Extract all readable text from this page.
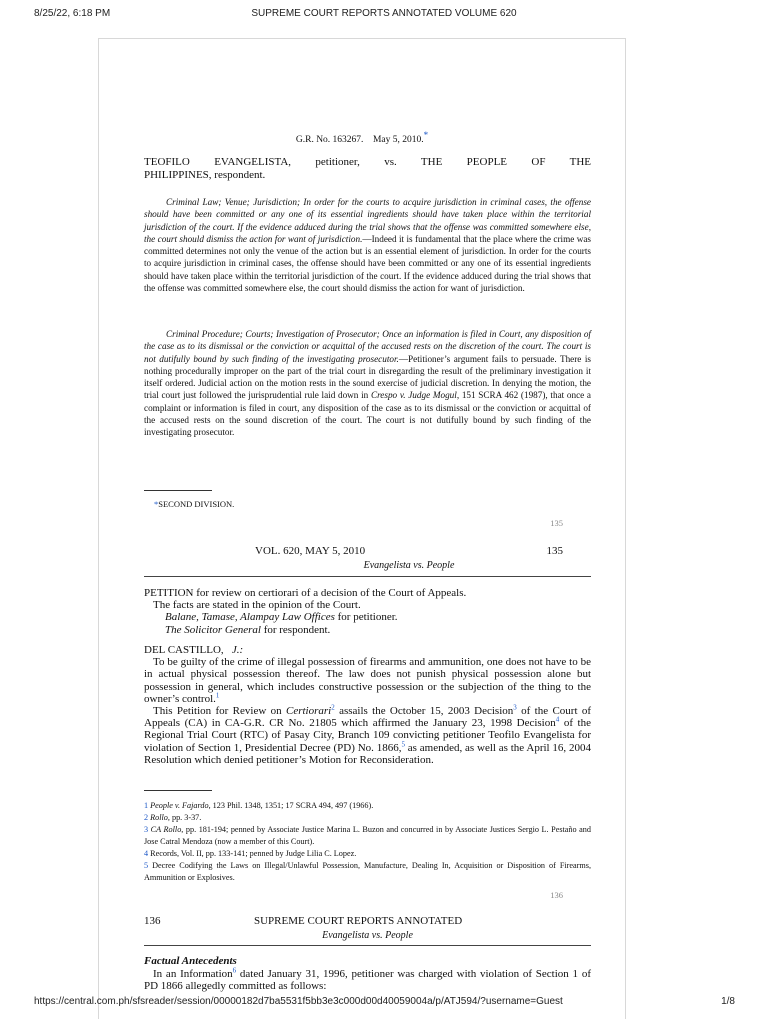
8/25/22, 6:18 PM	SUPREME COURT REPORTS ANNOTATED VOLUME 620
G.R. No. 163267. May 5, 2010.*
TEOFILO EVANGELISTA, petitioner, vs. THE PEOPLE OF THE
PHILIPPINES, respondent.

Criminal Law; Venue; Jurisdiction; In order for the courts to acquire jurisdiction in criminal cases, the offense should have been committed or any one of its essential ingredients should have taken place within the territorial jurisdiction of the court. If the evidence adduced during the trial shows that the offense was committed somewhere else, the court should dismiss the action for want of jurisdiction.—Indeed it is fundamental that the place where the crime was committed determines not only the venue of the action but is an essential element of jurisdiction. In order for the courts to acquire jurisdiction in criminal cases, the offense should have been committed or any one of its essential ingredients should have taken place within the territorial jurisdiction of the court. If the evidence adduced during the trial shows that the offense was committed somewhere else, the court should dismiss the action for want of jurisdiction.

Criminal Procedure; Courts; Investigation of Prosecutor; Once an information is filed in Court, any disposition of the case as to its dismissal or the conviction or acquittal of the accused rests on the discretion of the court. The court is not dutifully bound by such finding of the investigating prosecutor.—Petitioner’s argument fails to persuade. There is nothing procedurally improper on the part of the trial court in disregarding the result of the preliminary investigation it itself ordered. Judicial action on the motion rests in the sound exercise of judicial discretion. In denying the motion, the trial court just followed the jurisprudential rule laid down in Crespo v. Judge Mogul, 151 SCRA 462 (1987), that once a complaint or information is filed in court, any disposition of the case as to its dismissal or the conviction or acquittal of the accused rests on the sound discretion of the court. The court is not dutifully bound by such finding of the investigating prosecutor.

*SECOND DIVISION.
135
VOL. 620, MAY 5, 2010	135
Evangelista vs. People

PETITION for review on certiorari of a decision of the Court of Appeals.

The facts are stated in the opinion of the Court.

Balane, Tamase, Alampay Law Offices for petitioner.

The Solicitor General for respondent.

DEL CASTILLO, J.:

To be guilty of the crime of illegal possession of firearms and ammunition, one does not have to be in actual physical possession thereof. The law does not punish physical possession alone but possession in general, which includes constructive possession or the subjection of the thing to the owner’s control.$^1$

This Petition for Review on Certiorari$^2$ assails the October 15, 2003 Decision$^3$ of the Court of Appeals (CA) in CA-G.R. CR No. 21805 which affirmed the January 23, 1998 Decision$^4$ of the Regional Trial Court (RTC) of Pasay City, Branch 109 convicting petitioner Teofilo Evangelista for violation of Section 1, Presidential Decree (PD) No. 1866,$^5$ as amended, as well as the April 16, 2004 Resolution which denied petitioner’s Motion for Reconsideration.

1 People v. Fajardo, 123 Phil. 1348, 1351; 17 SCRA 494, 497 (1966).

2 Rollo, pp. 3-37.

3 CA Rollo, pp. 181-194; penned by Associate Justice Marina L. Buzon and concurred in by Associate Justices Sergio L. Pestaño and Jose Catral Mendoza (now a member of this Court).

4 Records, Vol. II, pp. 133-141; penned by Judge Lilia C. Lopez.

5 Decree Codifying the Laws on Illegal/Unlawful Possession, Manufacture, Dealing In, Acquisition or Disposition of Firearms, Ammunition or Explosives.

136
136	SUPREME COURT REPORTS ANNOTATED
Evangelista vs. People
Factual Antecedents

In an Information$^6$ dated January 31, 1996, petitioner was charged with violation of Section 1 of PD 1866 allegedly committed as follows:

https://central.com.ph/sfsreader/session/00000182d7ba5531f5bb3e3c000d00d40059004a/p/ATJ594/?username=Guest	1/8
